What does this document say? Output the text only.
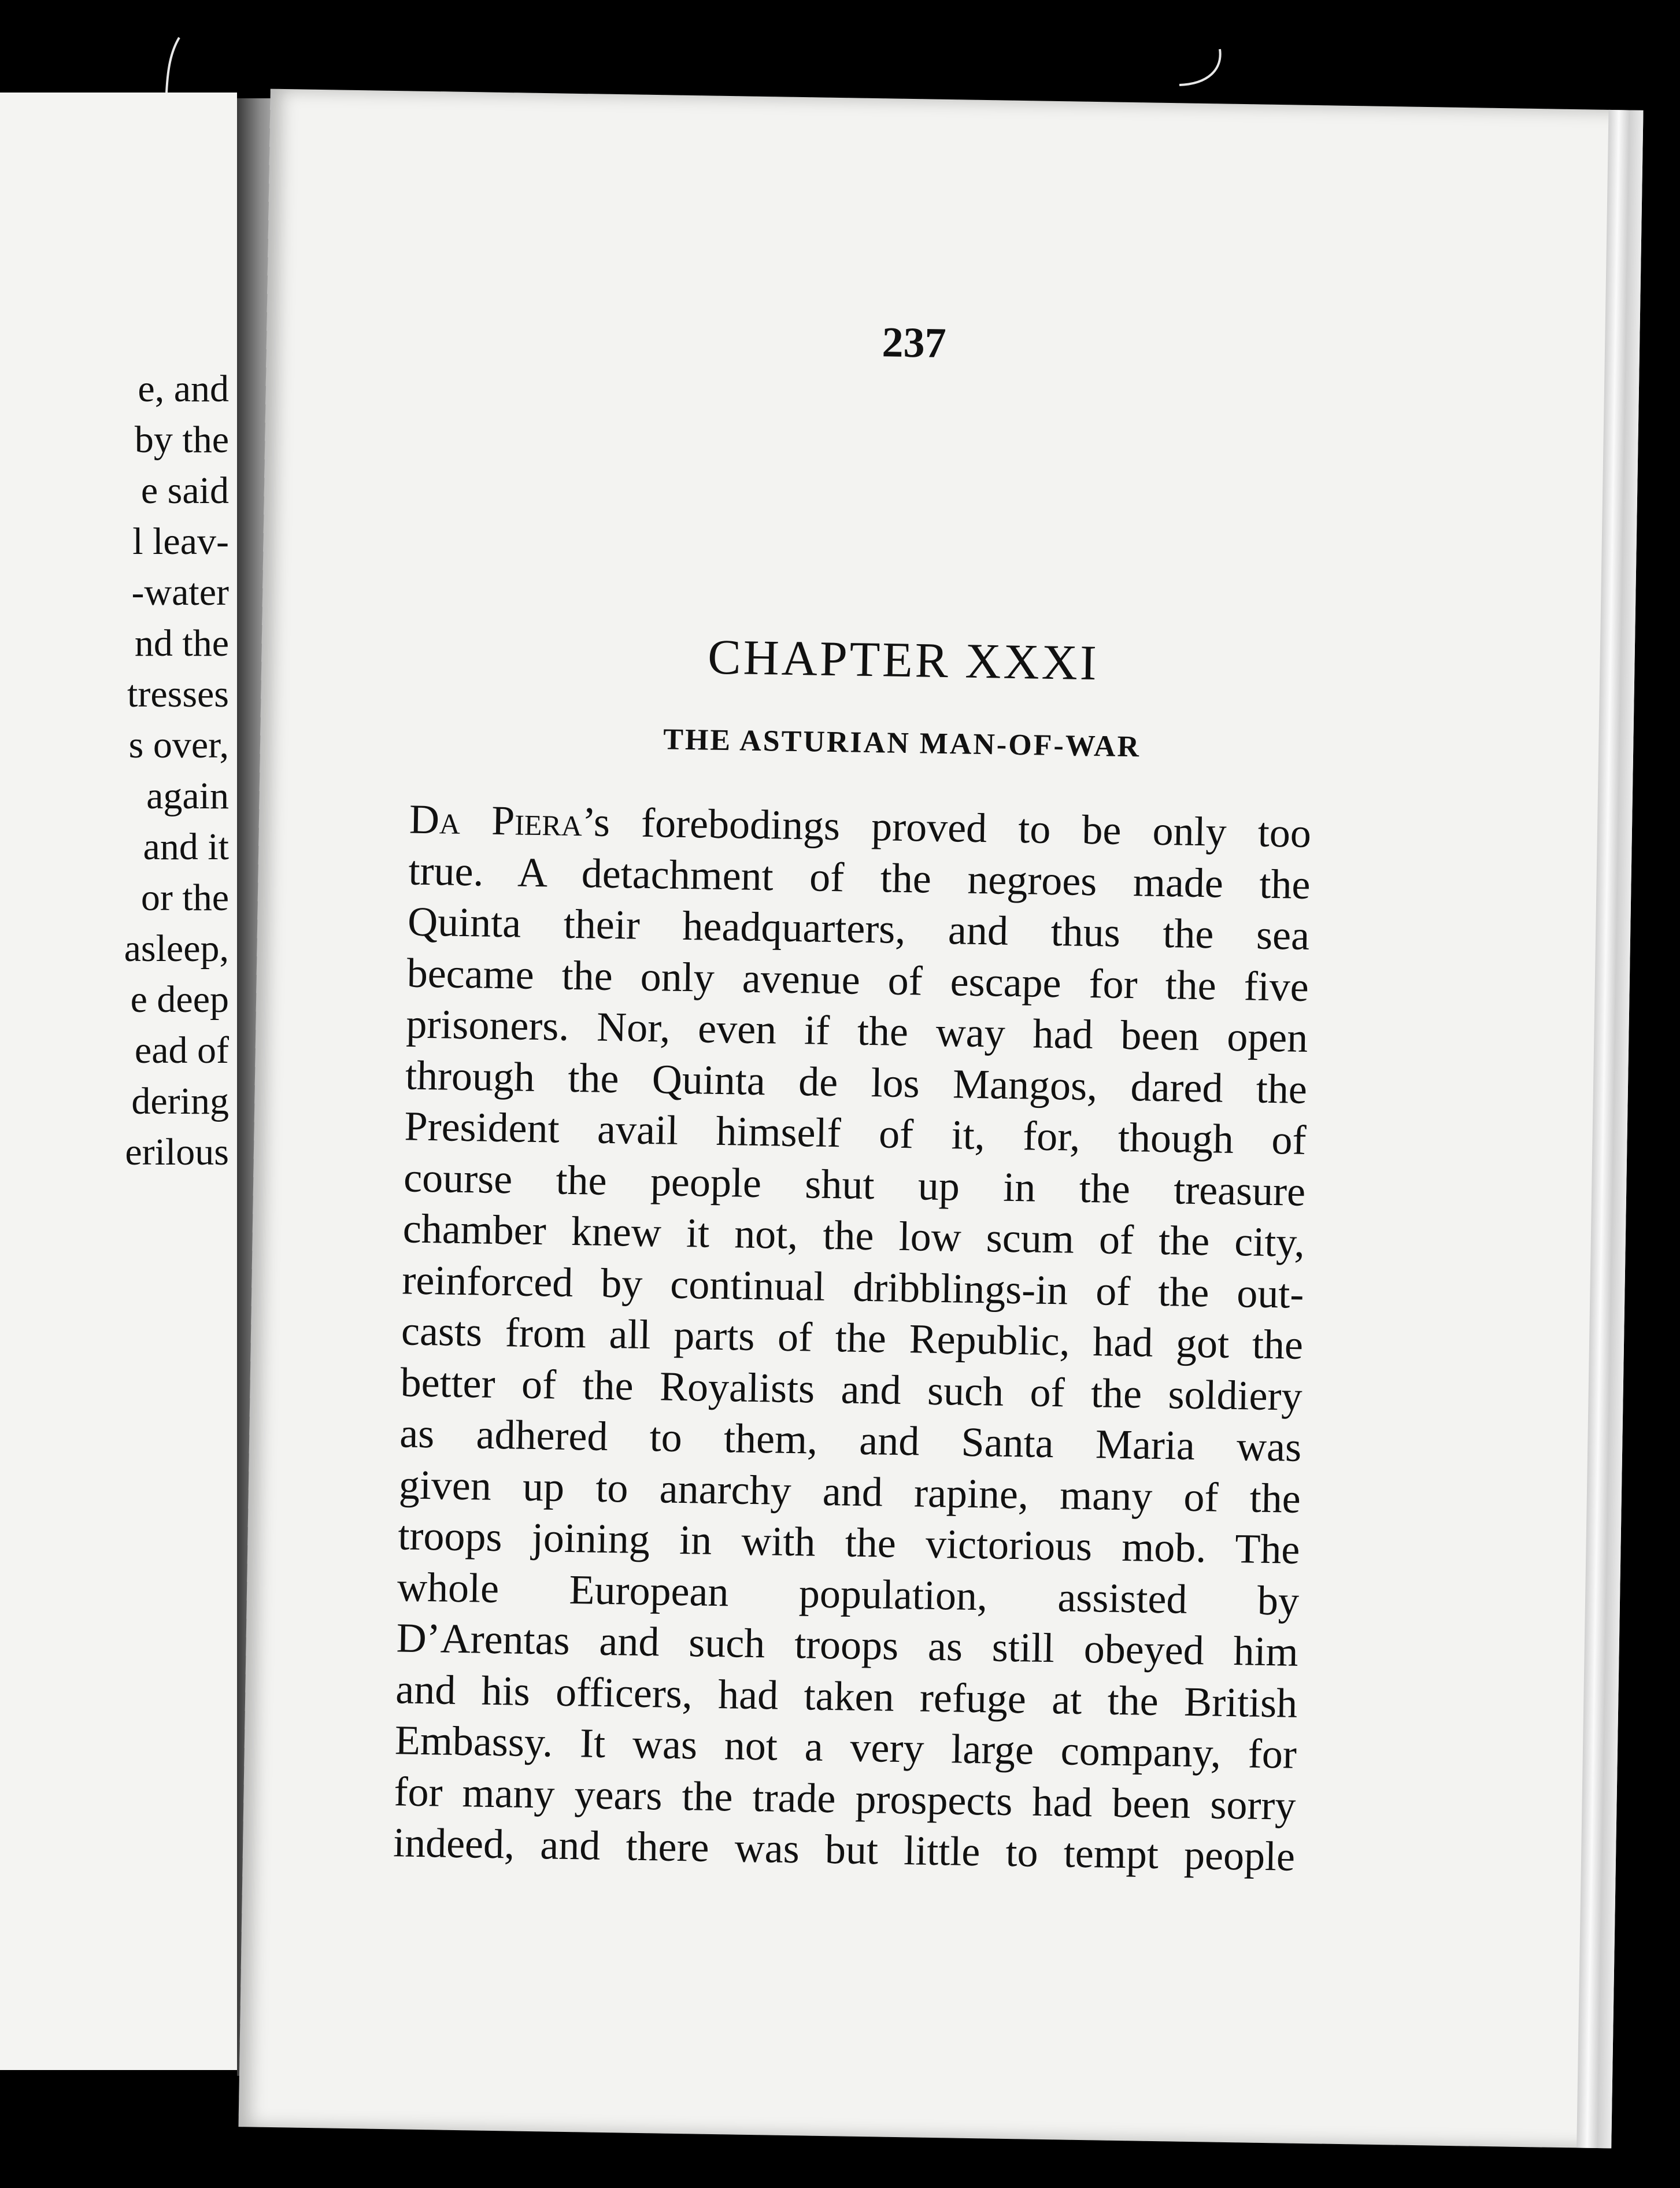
e, and
by the
e said
l leav-
-water
nd the
tresses
s over,
again
and it
or the
asleep,
e deep
ead of
dering
erilous
237
CHAPTER XXXI
THE ASTURIAN MAN-OF-WAR
Da Piera’s forebodings proved to be only too
true. A detachment of the negroes made the
Quinta their headquarters, and thus the sea
became the only avenue of escape for the five
prisoners. Nor, even if the way had been open
through the Quinta de los Mangos, dared the
President avail himself of it, for, though of
course the people shut up in the treasure
chamber knew it not, the low scum of the city,
reinforced by continual dribblings-in of the out-
casts from all parts of the Republic, had got the
better of the Royalists and such of the soldiery
as adhered to them, and Santa Maria was
given up to anarchy and rapine, many of the
troops joining in with the victorious mob. The
whole European population, assisted by
D’Arentas and such troops as still obeyed him
and his officers, had taken refuge at the British
Embassy. It was not a very large company, for
for many years the trade prospects had been sorry
indeed, and there was but little to tempt people
